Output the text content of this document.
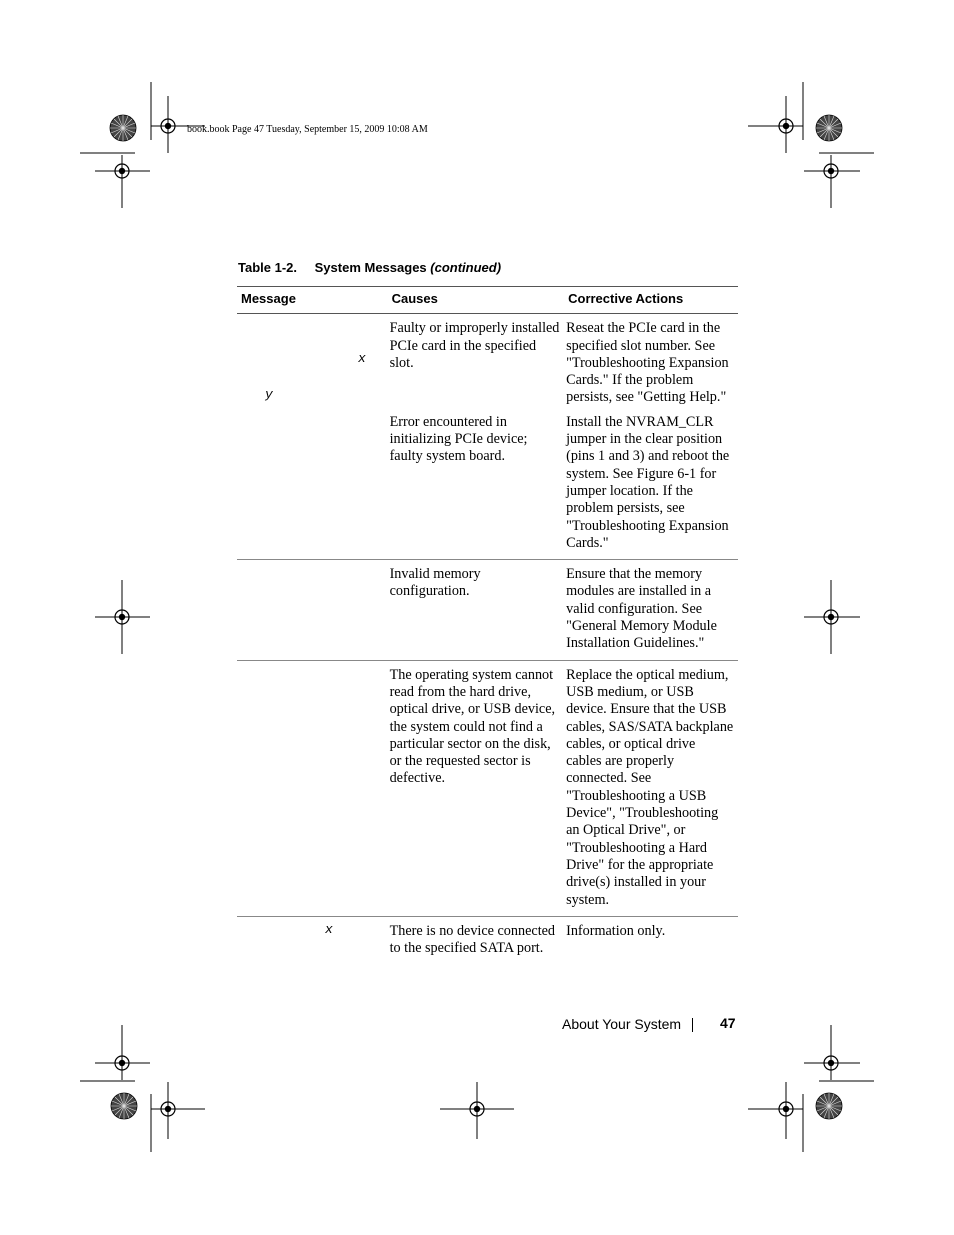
book.book Page 47 Tuesday, September 15, 2009 10:08 AM
Table 1-2. System Messages (continued)
Message	Causes	Corrective Actions

x
y	Faulty or improperly installed PCIe card in the specified slot.	Reseat the PCIe card in the specified slot number. See "Troubleshooting Expansion Cards." If the problem persists, see "Getting Help."
	Error encountered in initializing PCIe device; faulty system board.	Install the NVRAM_CLR jumper in the clear position (pins 1 and 3) and reboot the system. See Figure 6-1 for jumper location. If the problem persists, see "Troubleshooting Expansion Cards."
	Invalid memory configuration.	Ensure that the memory modules are installed in a valid configuration. See "General Memory Module Installation Guidelines."
	The operating system cannot read from the hard drive, optical drive, or USB device, the system could not find a particular sector on the disk, or the requested sector is defective.	Replace the optical medium, USB medium, or USB device. Ensure that the USB cables, SAS/SATA backplane cables, or optical drive cables are properly connected. See "Troubleshooting a USB Device", "Troubleshooting an Optical Drive", or "Troubleshooting a Hard Drive" for the appropriate drive(s) installed in your system.

x	There is no device connected to the specified SATA port.	Information only.
About Your System	47
